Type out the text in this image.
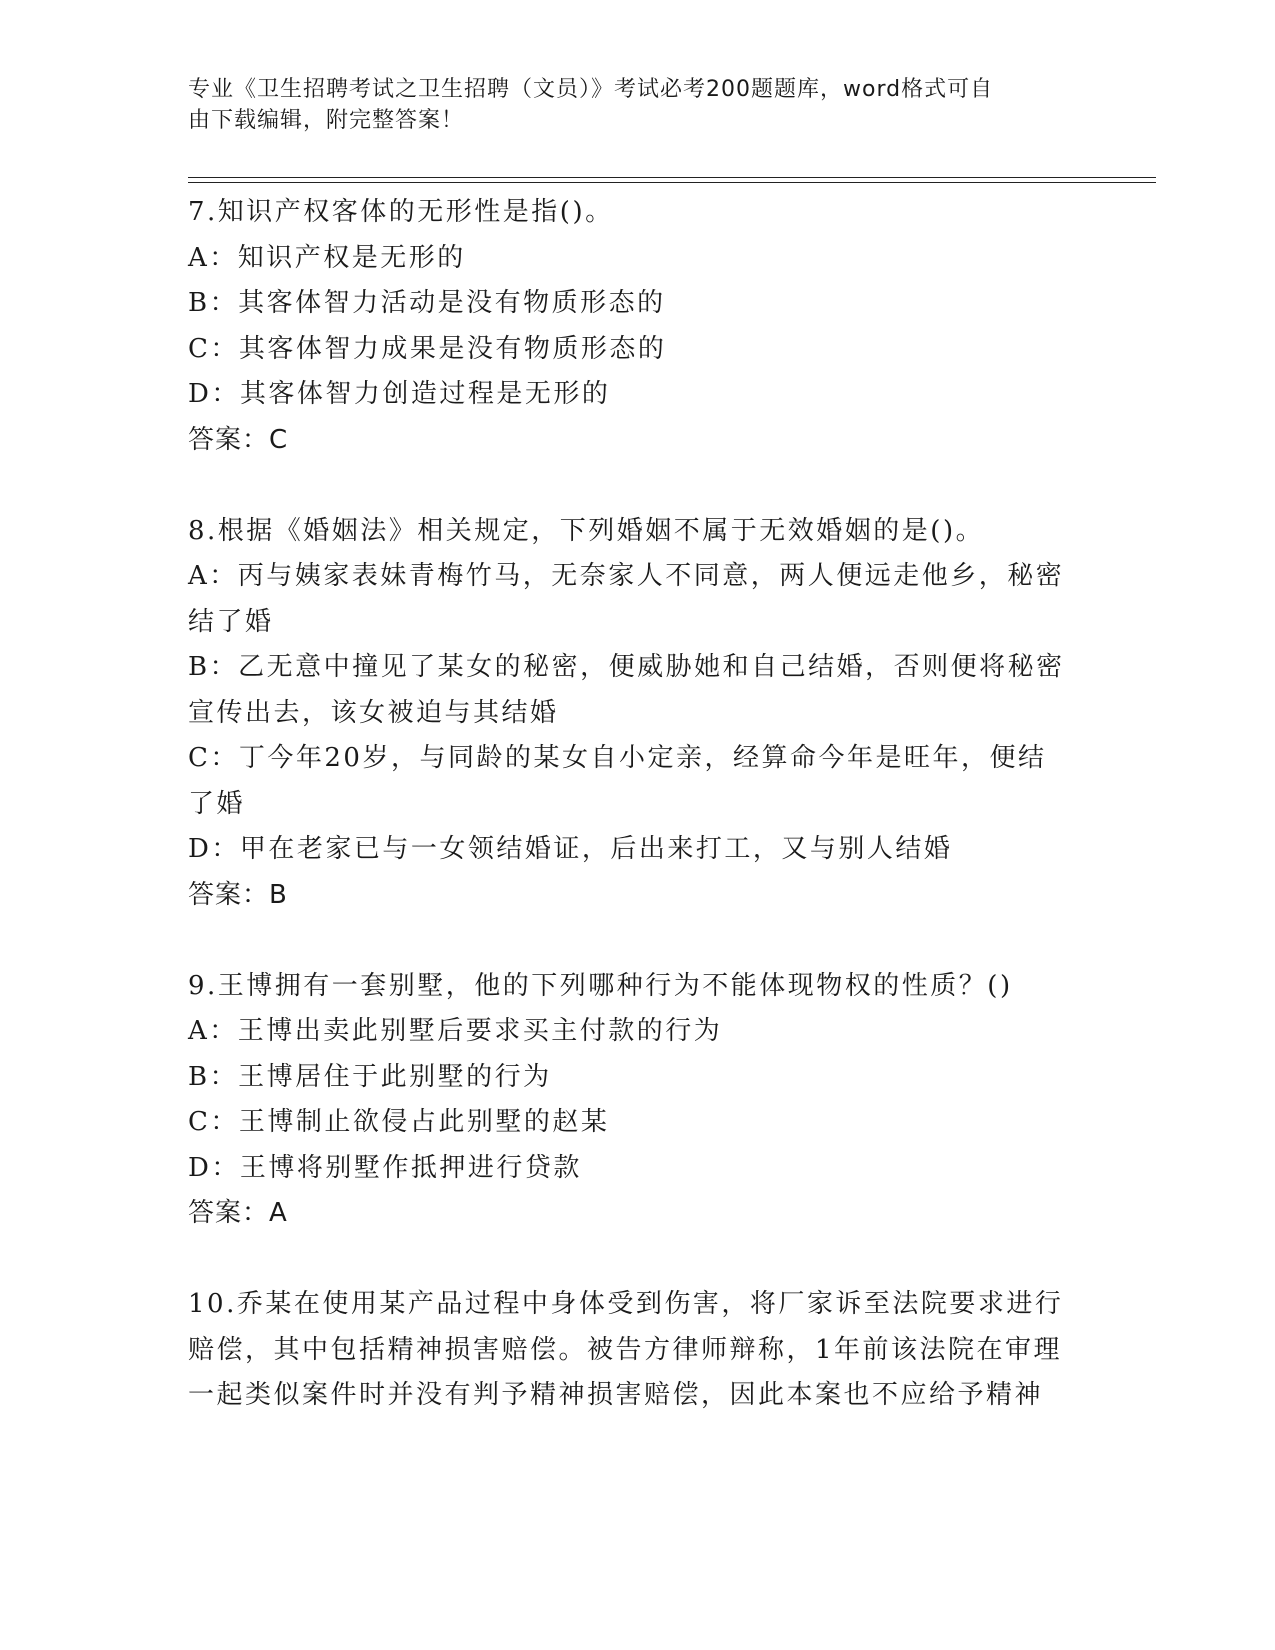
专业《卫生招聘考试之卫生招聘（文员）》考试必考200题题库，word格式可自
由下载编辑，附完整答案！
7.知识产权客体的无形性是指()。
A：知识产权是无形的
B：其客体智力活动是没有物质形态的
C：其客体智力成果是没有物质形态的
D：其客体智力创造过程是无形的
答案：C
8.根据《婚姻法》相关规定，下列婚姻不属于无效婚姻的是()。
A：丙与姨家表妹青梅竹马，无奈家人不同意，两人便远走他乡，秘密
结了婚
B：乙无意中撞见了某女的秘密，便威胁她和自己结婚，否则便将秘密
宣传出去，该女被迫与其结婚
C：丁今年20岁，与同龄的某女自小定亲，经算命今年是旺年，便结
了婚
D：甲在老家已与一女领结婚证，后出来打工，又与别人结婚
答案：B
9.王博拥有一套别墅，他的下列哪种行为不能体现物权的性质？()
A：王博出卖此别墅后要求买主付款的行为
B：王博居住于此别墅的行为
C：王博制止欲侵占此别墅的赵某
D：王博将别墅作抵押进行贷款
答案：A
10.乔某在使用某产品过程中身体受到伤害，将厂家诉至法院要求进行
赔偿，其中包括精神损害赔偿。被告方律师辩称，1年前该法院在审理
一起类似案件时并没有判予精神损害赔偿，因此本案也不应给予精神
